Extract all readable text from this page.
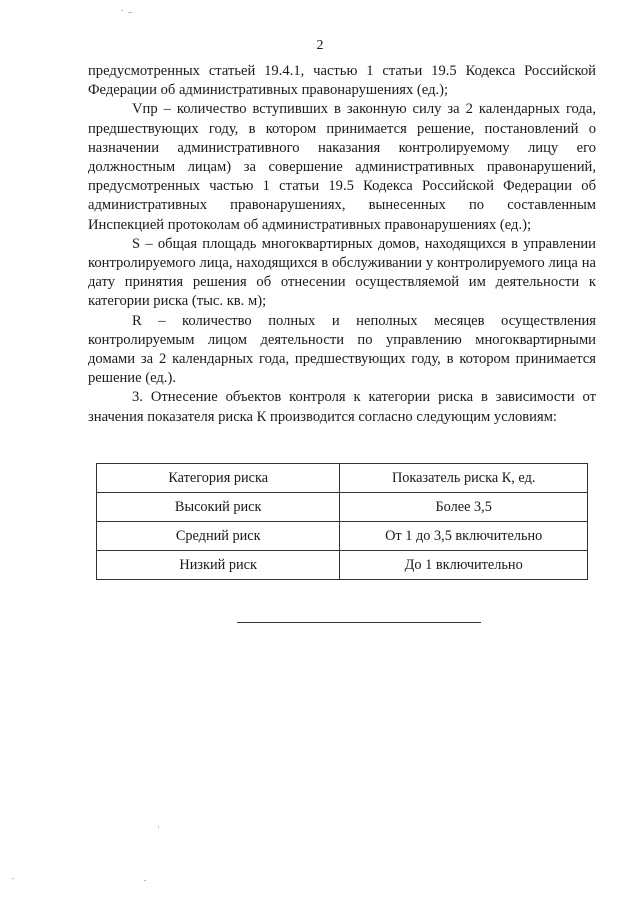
2

предусмотренных статьей 19.4.1, частью 1 статьи 19.5 Кодекса Российской Федерации об административных правонарушениях (ед.);

Vпр – количество вступивших в законную силу за 2 календарных года, предшествующих году, в котором принимается решение, постановлений о назначении административного наказания контролируемому лицу его должностным лицам) за совершение административных правонарушений, предусмотренных частью 1 статьи 19.5 Кодекса Российской Федерации об административных правонарушениях, вынесенных по составленным Инспекцией протоколам об административных правонарушениях (ед.);

S – общая площадь многоквартирных домов, находящихся в управлении контролируемого лица, находящихся в обслуживании у контролируемого лица на дату принятия решения об отнесении осуществляемой им деятельности к категории риска (тыс. кв. м);

R – количество полных и неполных месяцев осуществления контролируемым лицом деятельности по управлению многоквартирными домами за 2 календарных года, предшествующих году, в котором принимается решение (ед.).

3. Отнесение объектов контроля к категории риска в зависимости от значения показателя риска К производится согласно следующим условиям:

Категория риска	Показатель риска К, ед.
Высокий риск	Более 3,5
Средний риск	От 1 до 3,5 включительно
Низкий риск	До 1 включительно
